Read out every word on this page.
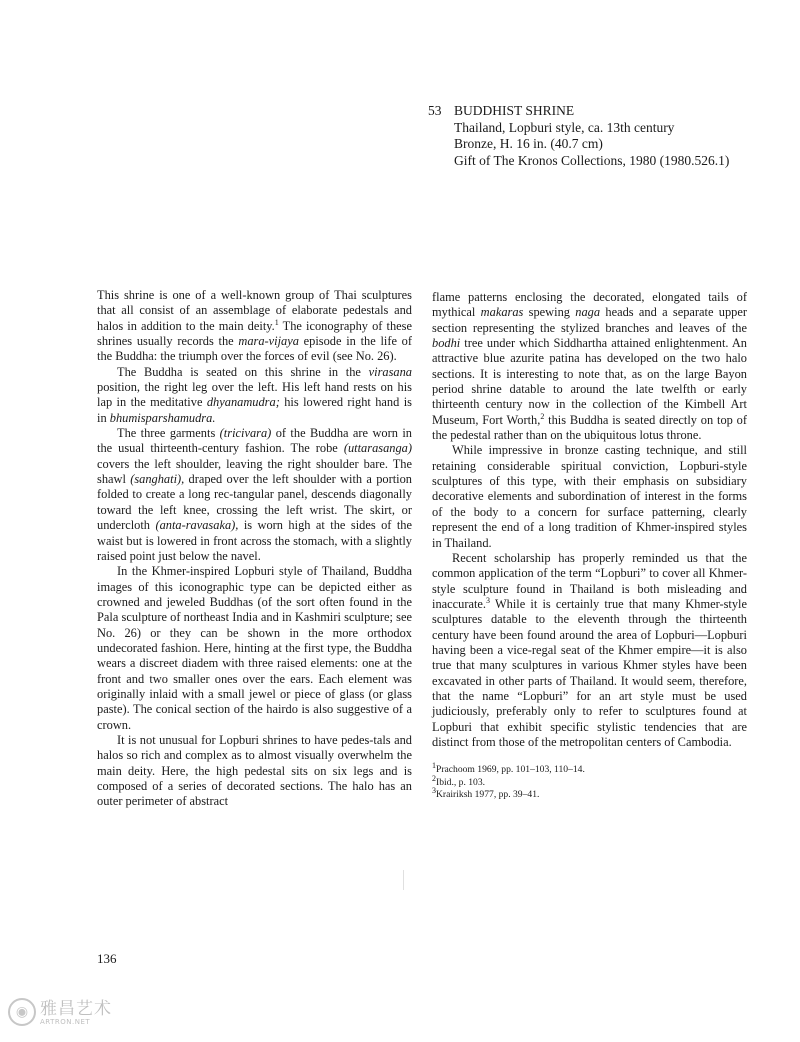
53 BUDDHIST SHRINE
Thailand, Lopburi style, ca. 13th century
Bronze, H. 16 in. (40.7 cm)
Gift of The Kronos Collections, 1980 (1980.526.1)

This shrine is one of a well-known group of Thai sculptures that all consist of an assemblage of elaborate pedestals and halos in addition to the main deity.$^1$ The iconography of these shrines usually records the mara-vijaya episode in the life of the Buddha: the triumph over the forces of evil (see No. 26).

The Buddha is seated on this shrine in the virasana position, the right leg over the left. His left hand rests on his lap in the meditative dhyanamudra; his lowered right hand is in bhumisparshamudra.

The three garments (tricivara) of the Buddha are worn in the usual thirteenth-century fashion. The robe (uttarasanga) covers the left shoulder, leaving the right shoulder bare. The shawl (sanghati), draped over the left shoulder with a portion folded to create a long rec-tangular panel, descends diagonally toward the left knee, crossing the left wrist. The skirt, or undercloth (anta-ravasaka), is worn high at the sides of the waist but is lowered in front across the stomach, with a slightly raised point just below the navel.

In the Khmer-inspired Lopburi style of Thailand, Buddha images of this iconographic type can be depicted either as crowned and jeweled Buddhas (of the sort often found in the Pala sculpture of northeast India and in Kashmiri sculpture; see No. 26) or they can be shown in the more orthodox undecorated fashion. Here, hinting at the first type, the Buddha wears a discreet diadem with three raised elements: one at the front and two smaller ones over the ears. Each element was originally inlaid with a small jewel or piece of glass (or glass paste). The conical section of the hairdo is also suggestive of a crown.

It is not unusual for Lopburi shrines to have pedes-tals and halos so rich and complex as to almost visually overwhelm the main deity. Here, the high pedestal sits on six legs and is composed of a series of decorated sections. The halo has an outer perimeter of abstract

flame patterns enclosing the decorated, elongated tails of mythical makaras spewing naga heads and a separate upper section representing the stylized branches and leaves of the bodhi tree under which Siddhartha attained enlightenment. An attractive blue azurite patina has developed on the two halo sections. It is interesting to note that, as on the large Bayon period shrine datable to around the late twelfth or early thirteenth century now in the collection of the Kimbell Art Museum, Fort Worth,$^2$ this Buddha is seated directly on top of the pedestal rather than on the ubiquitous lotus throne.

While impressive in bronze casting technique, and still retaining considerable spiritual conviction, Lopburi-style sculptures of this type, with their emphasis on subsidiary decorative elements and subordination of interest in the forms of the body to a concern for surface patterning, clearly represent the end of a long tradition of Khmer-inspired styles in Thailand.

Recent scholarship has properly reminded us that the common application of the term “Lopburi” to cover all Khmer-style sculpture found in Thailand is both misleading and inaccurate.$^3$ While it is certainly true that many Khmer-style sculptures datable to the eleventh through the thirteenth century have been found around the area of Lopburi—Lopburi having been a vice-regal seat of the Khmer empire—it is also true that many sculptures in various Khmer styles have been excavated in other parts of Thailand. It would seem, therefore, that the name “Lopburi” for an art style must be used judiciously, preferably only to refer to sculptures found at Lopburi that exhibit specific stylistic tendencies that are distinct from those of the metropolitan centers of Cambodia.

$^1$Prachoom 1969, pp. 101–103, 110–14.
$^2$Ibid., p. 103.
$^3$Krairiksh 1977, pp. 39–41.
136
◉ 雅昌艺术
ARTRON.NET
